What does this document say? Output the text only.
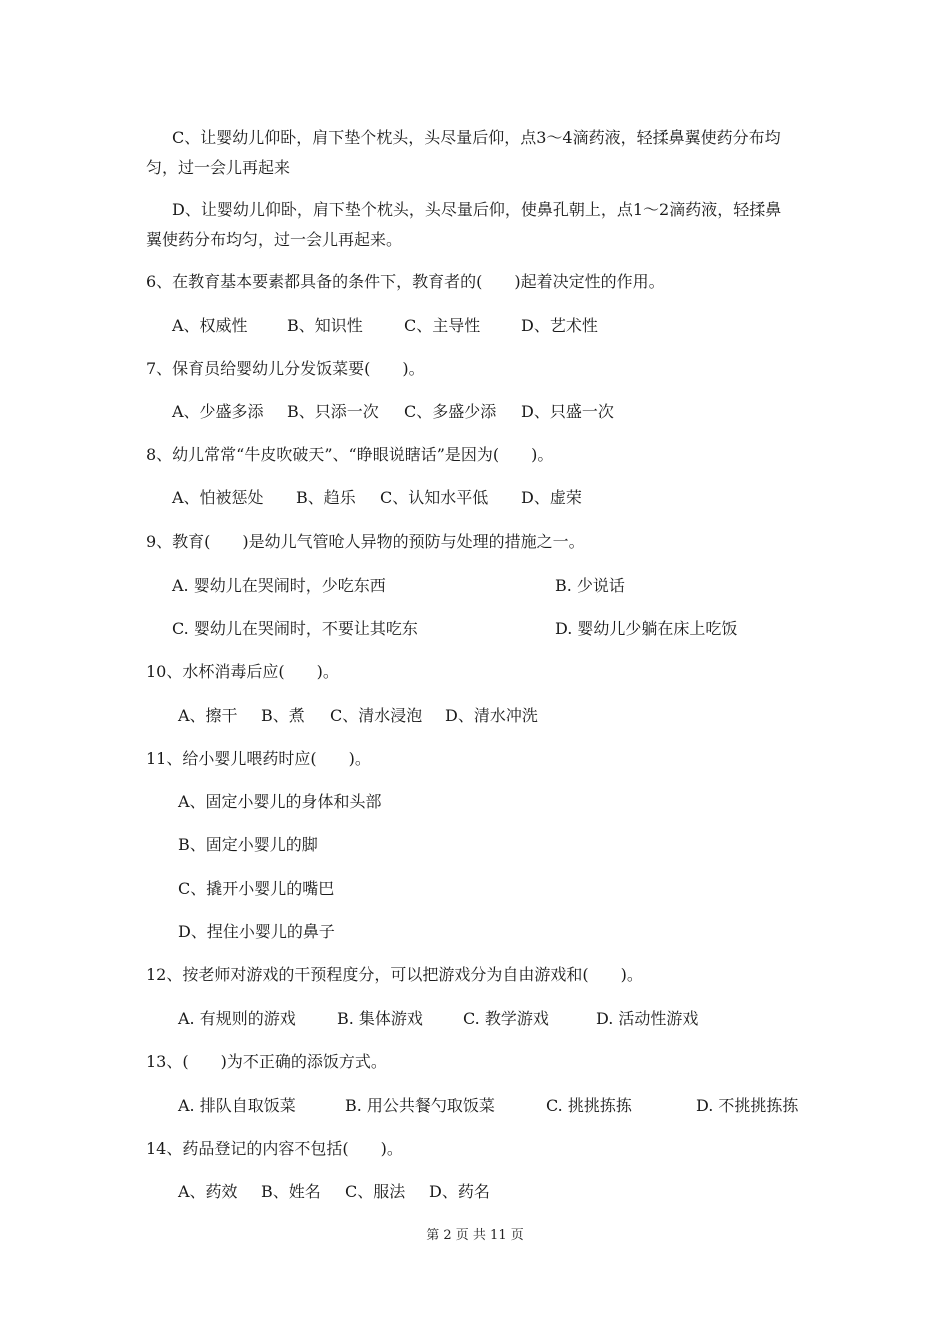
C、让婴幼儿仰卧，肩下垫个枕头，头尽量后仰，点3～4滴药液，轻揉鼻翼使药分布均
匀，过一会儿再起来
D、让婴幼儿仰卧，肩下垫个枕头，头尽量后仰，使鼻孔朝上，点1～2滴药液，轻揉鼻
翼使药分布均匀，过一会儿再起来。
6、在教育基本要素都具备的条件下，教育者的(　　)起着决定性的作用。
A、权威性 B、知识性	C、主导性	D、艺术性
7、保育员给婴幼儿分发饭菜要(　　)。
A、少盛多添 B、只添一次 C、多盛少添 D、只盛一次
8、幼儿常常“牛皮吹破天”、“睁眼说瞎话”是因为(　　)。
A、怕被惩处 B、趋乐 C、认知水平低 D、虚荣
9、教育(　　)是幼儿气管呛人异物的预防与处理的措施之一。
A. 婴幼儿在哭闹时，少吃东西	B. 少说话
C. 婴幼儿在哭闹时，不要让其吃东	D. 婴幼儿少躺在床上吃饭
10、水杯消毒后应(　　)。
A、擦干 B、煮 C、清水浸泡 D、清水冲洗
11、给小婴儿喂药时应(　　)。
A、固定小婴儿的身体和头部
B、固定小婴儿的脚
C、撬开小婴儿的嘴巴
D、捏住小婴儿的鼻子
12、按老师对游戏的干预程度分，可以把游戏分为自由游戏和(　　)。
A. 有规则的游戏	B. 集体游戏	C. 教学游戏	D. 活动性游戏
13、(　　)为不正确的添饭方式。
A. 排队自取饭菜	B. 用公共餐勺取饭菜	C. 挑挑拣拣	D. 不挑挑拣拣
14、药品登记的内容不包括(　　)。
A、药效 B、姓名 C、服法 D、药名
第 2 页 共 11 页
